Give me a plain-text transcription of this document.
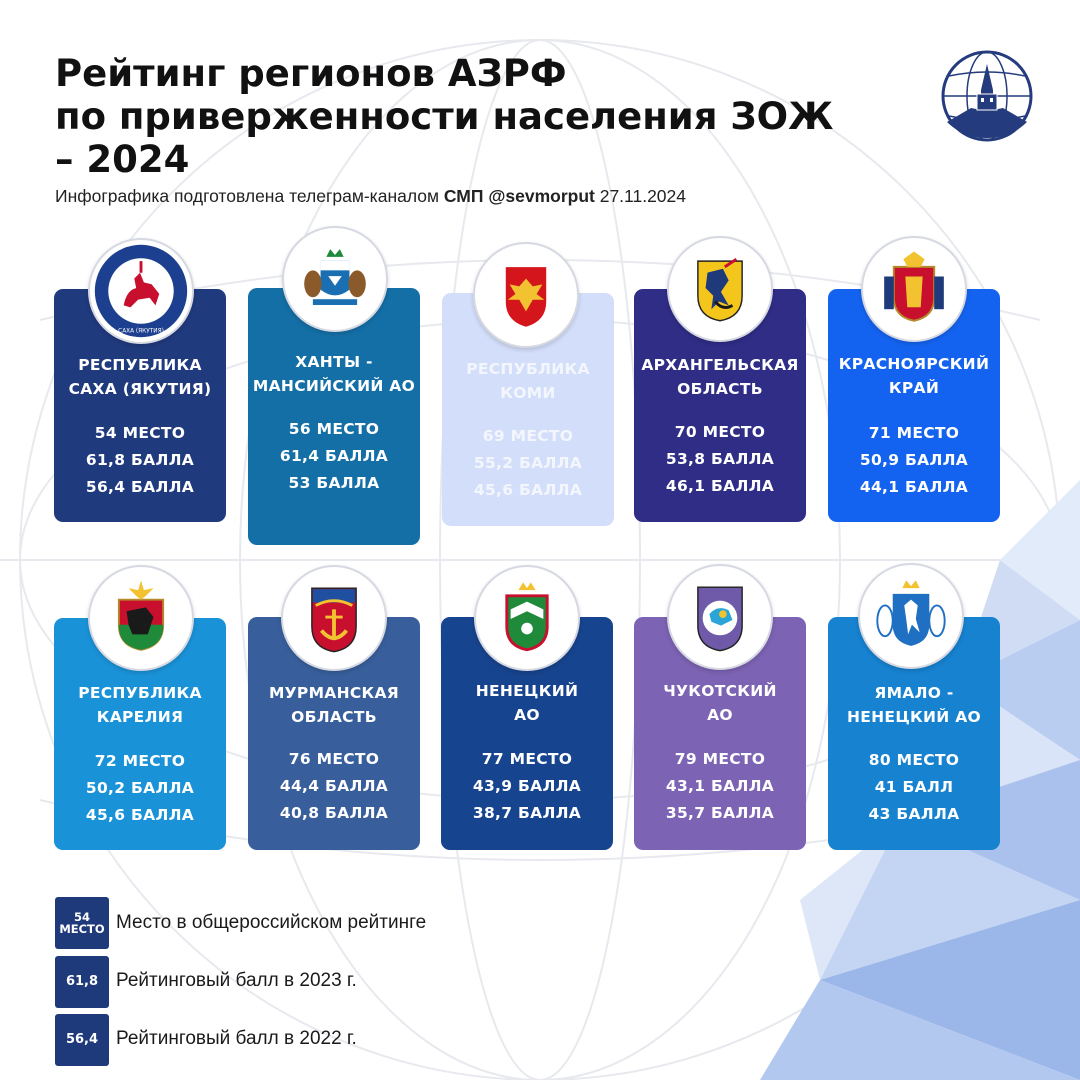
Рейтинг регионов АЗРФ
по приверженности населения ЗОЖ
– 2024
Инфографика подготовлена телеграм-каналом СМП @sevmorput 27.11.2024
РЕСПУБЛИКА
САХА (ЯКУТИЯ)
54 МЕСТО
61,8 БАЛЛА
56,4 БАЛЛА
САХА (ЯКУТИЯ)
ХАНТЫ -
МАНСИЙСКИЙ АО
56 МЕСТО
61,4 БАЛЛА
53 БАЛЛА
РЕСПУБЛИКА
КОМИ
69 МЕСТО
55,2 БАЛЛА
45,6 БАЛЛА
АРХАНГЕЛЬСКАЯ
ОБЛАСТЬ
70 МЕСТО
53,8 БАЛЛА
46,1 БАЛЛА
КРАСНОЯРСКИЙ
КРАЙ
71 МЕСТО
50,9 БАЛЛА
44,1 БАЛЛА
РЕСПУБЛИКА
КАРЕЛИЯ
72 МЕСТО
50,2 БАЛЛА
45,6 БАЛЛА
МУРМАНСКАЯ
ОБЛАСТЬ
76 МЕСТО
44,4 БАЛЛА
40,8 БАЛЛА
НЕНЕЦКИЙ
АО
77 МЕСТО
43,9 БАЛЛА
38,7 БАЛЛА
ЧУКОТСКИЙ
АО
79 МЕСТО
43,1 БАЛЛА
35,7 БАЛЛА
ЯМАЛО -
НЕНЕЦКИЙ АО
80 МЕСТО
41 БАЛЛ
43 БАЛЛА
54
МЕСТО Место в общероссийском рейтинге
61,8 Рейтинговый балл в 2023 г.
56,4 Рейтинговый балл в 2022 г.
